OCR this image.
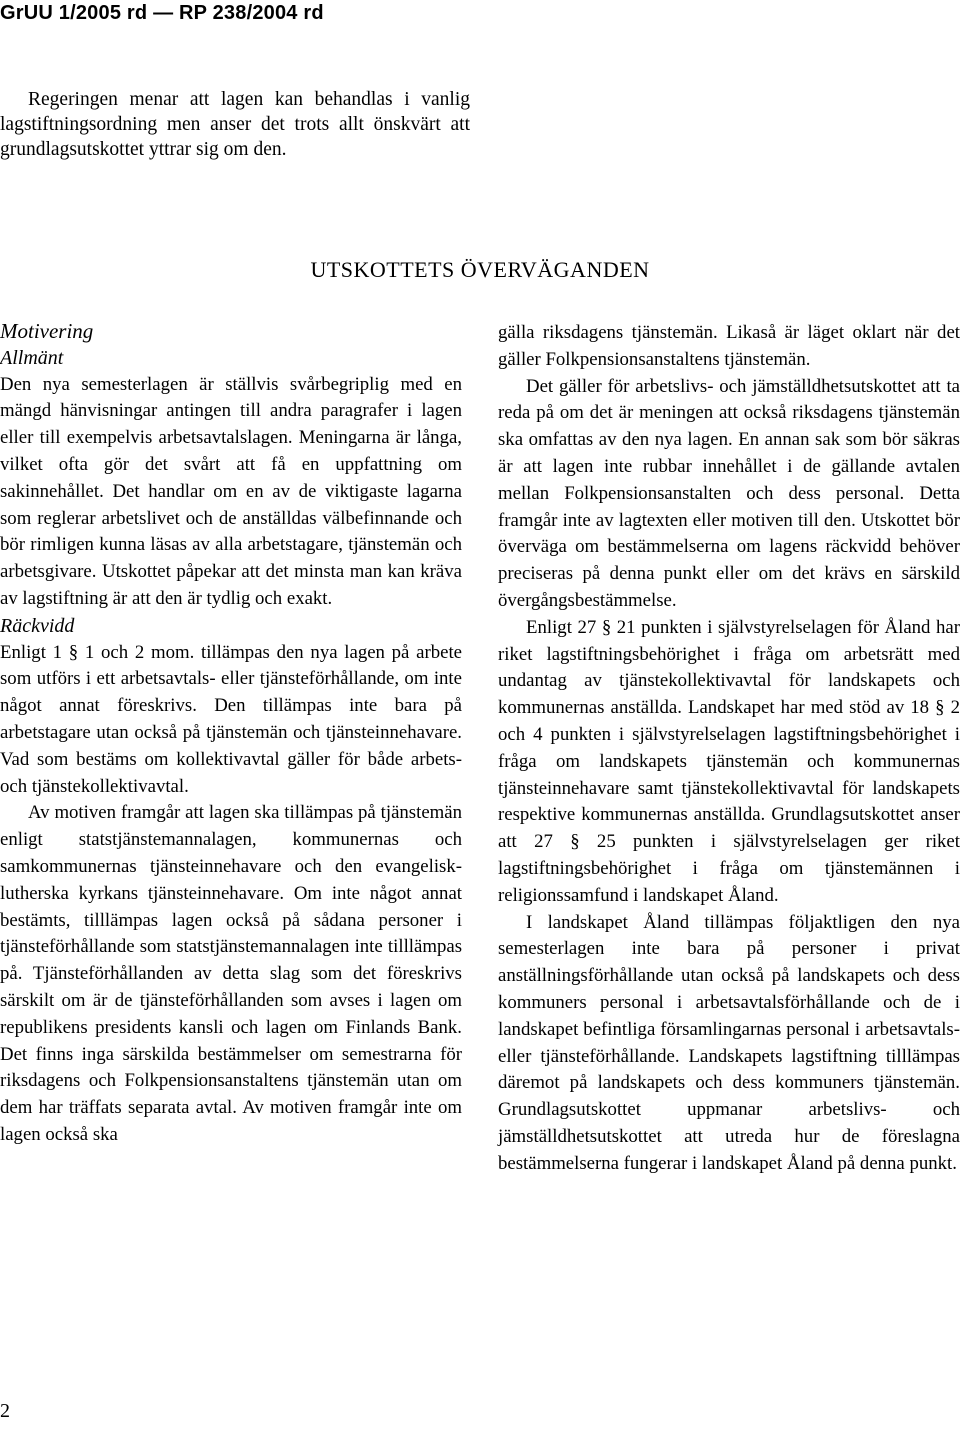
GrUU 1/2005 rd — RP 238/2004 rd

Regeringen menar att lagen kan behandlas i vanlig lagstiftningsordning men anser det trots allt önskvärt att grundlagsutskottet yttrar sig om den.

UTSKOTTETS ÖVERVÄGANDEN

Motivering

Allmänt

Den nya semesterlagen är ställvis svårbegriplig med en mängd hänvisningar antingen till andra paragrafer i lagen eller till exempelvis arbetsavtalslagen. Meningarna är långa, vilket ofta gör det svårt att få en uppfattning om sakinnehållet. Det handlar om en av de viktigaste lagarna som reglerar arbetslivet och de anställdas välbefinnande och bör rimligen kunna läsas av alla arbetstagare, tjänstemän och arbetsgivare. Utskottet påpekar att det minsta man kan kräva av lagstiftning är att den är tydlig och exakt.

Räckvidd

Enligt 1 § 1 och 2 mom. tillämpas den nya lagen på arbete som utförs i ett arbetsavtals- eller tjänsteförhållande, om inte något annat föreskrivs. Den tillämpas inte bara på arbetstagare utan också på tjänstemän och tjänsteinnehavare. Vad som bestäms om kollektivavtal gäller för både arbets- och tjänstekollektivavtal.

Av motiven framgår att lagen ska tillämpas på tjänstemän enligt statstjänstemannalagen, kommunernas och samkommunernas tjänsteinnehavare och den evangelisk-lutherska kyrkans tjänsteinnehavare. Om inte något annat bestämts, tilllämpas lagen också på sådana personer i tjänsteförhållande som statstjänstemannalagen inte tilllämpas på. Tjänsteförhållanden av detta slag som det föreskrivs särskilt om är de tjänsteförhållanden som avses i lagen om republikens presidents kansli och lagen om Finlands Bank. Det finns inga särskilda bestämmelser om semestrarna för riksdagens och Folkpensionsanstaltens tjänstemän utan om dem har träffats separata avtal. Av motiven framgår inte om lagen också ska

gälla riksdagens tjänstemän. Likaså är läget oklart när det gäller Folkpensionsanstaltens tjänstemän.

Det gäller för arbetslivs- och jämställdhetsutskottet att ta reda på om det är meningen att också riksdagens tjänstemän ska omfattas av den nya lagen. En annan sak som bör säkras är att lagen inte rubbar innehållet i de gällande avtalen mellan Folkpensionsanstalten och dess personal. Detta framgår inte av lagtexten eller motiven till den. Utskottet bör överväga om bestämmelserna om lagens räckvidd behöver preciseras på denna punkt eller om det krävs en särskild övergångsbestämmelse.

Enligt 27 § 21 punkten i självstyrelselagen för Åland har riket lagstiftningsbehörighet i fråga om arbetsrätt med undantag av tjänstekollektivavtal för landskapets och kommunernas anställda. Landskapet har med stöd av 18 § 2 och 4 punkten i självstyrelselagen lagstiftningsbehörighet i fråga om landskapets tjänstemän och kommunernas tjänsteinnehavare samt tjänstekollektivavtal för landskapets respektive kommunernas anställda. Grundlagsutskottet anser att 27 § 25 punkten i självstyrelselagen ger riket lagstiftningsbehörighet i fråga om tjänstemännen i religionssamfund i landskapet Åland.

I landskapet Åland tillämpas följaktligen den nya semesterlagen inte bara på personer i privat anställningsförhållande utan också på landskapets och dess kommuners personal i arbetsavtalsförhållande och de i landskapet befintliga församlingarnas personal i arbetsavtals- eller tjänsteförhållande. Landskapets lagstiftning tilllämpas däremot på landskapets och dess kommuners tjänstemän. Grundlagsutskottet uppmanar arbetslivs- och jämställdhetsutskottet att utreda hur de föreslagna bestämmelserna fungerar i landskapet Åland på denna punkt.

2
